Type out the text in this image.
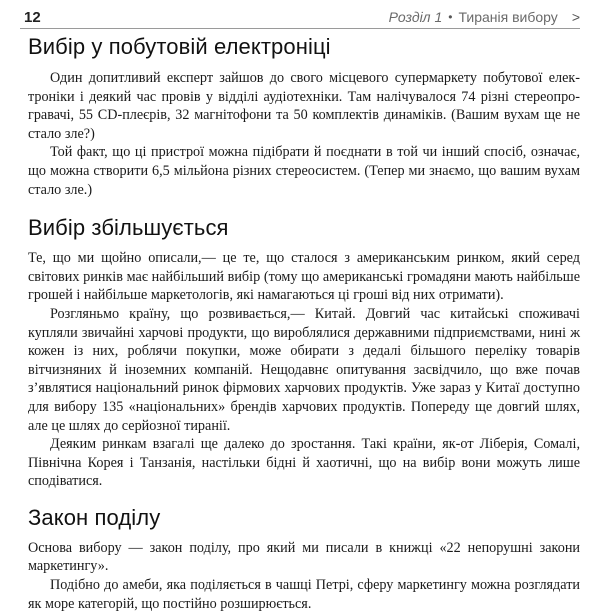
12	Розділ 1 • Тиранія вибору >
Вибір у побутовій електроніці

Один допитливий експерт зайшов до свого місцевого супермаркету побутової електроніки і деякий час провів у відділі аудіотехніки. Там налічувалося 74 різні стереопрогравачі, 55 CD-плеєрів, 32 магнітофони та 50 комплектів динаміків. (Вашим вухам ще не стало зле?)

Той факт, що ці пристрої можна підібрати й поєднати в той чи інший спосіб, означає, що можна створити 6,5 мільйона різних стереосистем. (Тепер ми знаємо, що вашим вухам стало зле.)

Вибір збільшується

Те, що ми щойно описали,— це те, що сталося з американським ринком, який серед світових ринків має найбільший вибір (тому що американські громадяни мають найбільше грошей і найбільше маркетологів, які намагаються ці гроші від них отримати).

Розгляньмо країну, що розвивається,— Китай. Довгий час китайські споживачі купляли звичайні харчові продукти, що вироблялися державними підприємствами, нині ж кожен із них, роблячи покупки, може обирати з дедалі більшого переліку товарів вітчизняних й іноземних компаній. Нещодавнє опитування засвідчило, що вже почав з’являтися національний ринок фірмових харчових продуктів. Уже зараз у Китаї доступно для вибору 135 «національних» брендів харчових продуктів. Попереду ще довгий шлях, але це шлях до серйозної тиранії.

Деяким ринкам взагалі ще далеко до зростання. Такі країни, як-от Ліберія, Сомалі, Північна Корея і Танзанія, настільки бідні й хаотичні, що на вибір вони можуть лише сподіватися.

Закон поділу

Основа вибору — закон поділу, про який ми писали в книжці «22 непорушні закони маркетингу».

Подібно до амеби, яка поділяється в чашці Петрі, сферу маркетингу можна розглядати як море категорій, що постійно розширюється.
